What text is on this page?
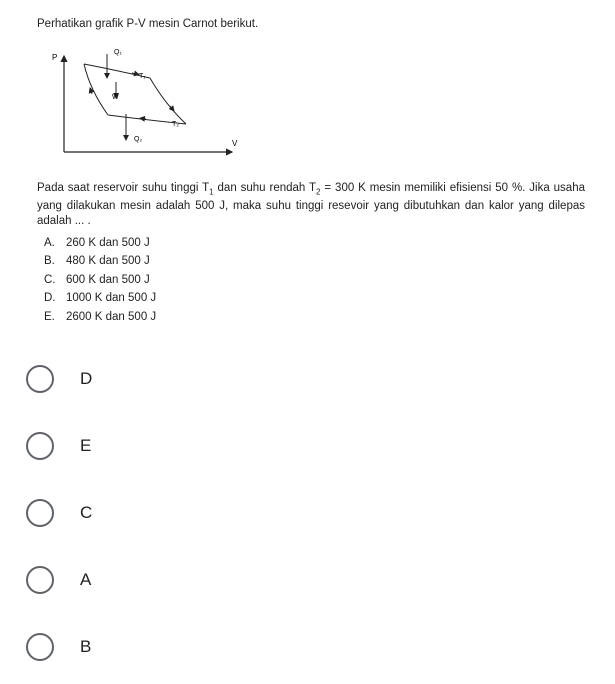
Perhatikan grafik P-V mesin Carnot berikut.
P
V
Q₁
T₁
W
T₂
Q₂
Pada saat reservoir suhu tinggi $T_1$ dan suhu rendah $T_2 = 300$ K mesin memiliki efisiensi 50 %. Jika usaha yang dilakukan mesin adalah 500 J, maka suhu tinggi resevoir yang dibutuhkan dan kalor yang dilepas adalah ... .
A. 260 K dan 500 J
B. 480 K dan 500 J
C. 600 K dan 500 J
D. 1000 K dan 500 J
E. 2600 K dan 500 J
D
E
C
A
B
